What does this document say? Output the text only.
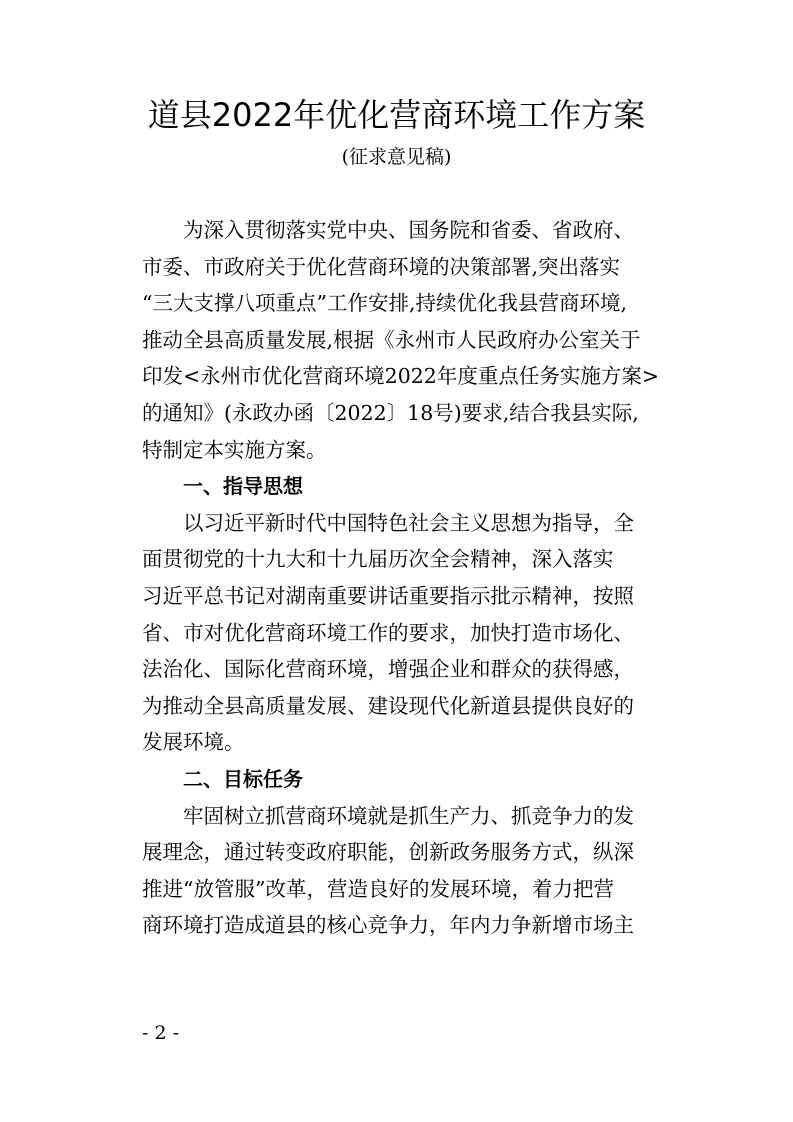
道县2022年优化营商环境工作方案
(征求意见稿)

为深入贯彻落实党中央、国务院和省委、省政府、
市委、市政府关于优化营商环境的决策部署,突出落实
“三大支撑八项重点”工作安排,持续优化我县营商环境,
推动全县高质量发展,根据《永州市人民政府办公室关于
印发<永州市优化营商环境2022年度重点任务实施方案>
的通知》(永政办函〔2022〕18号)要求,结合我县实际,
特制定本实施方案。

一、指导思想

以习近平新时代中国特色社会主义思想为指导，全
面贯彻党的十九大和十九届历次全会精神，深入落实
习近平总书记对湖南重要讲话重要指示批示精神，按照
省、市对优化营商环境工作的要求，加快打造市场化、
法治化、国际化营商环境，增强企业和群众的获得感，
为推动全县高质量发展、建设现代化新道县提供良好的
发展环境。

二、目标任务

牢固树立抓营商环境就是抓生产力、抓竞争力的发
展理念，通过转变政府职能，创新政务服务方式，纵深
推进“放管服”改革，营造良好的发展环境，着力把营
商环境打造成道县的核心竞争力，年内力争新增市场主

- 2 -
